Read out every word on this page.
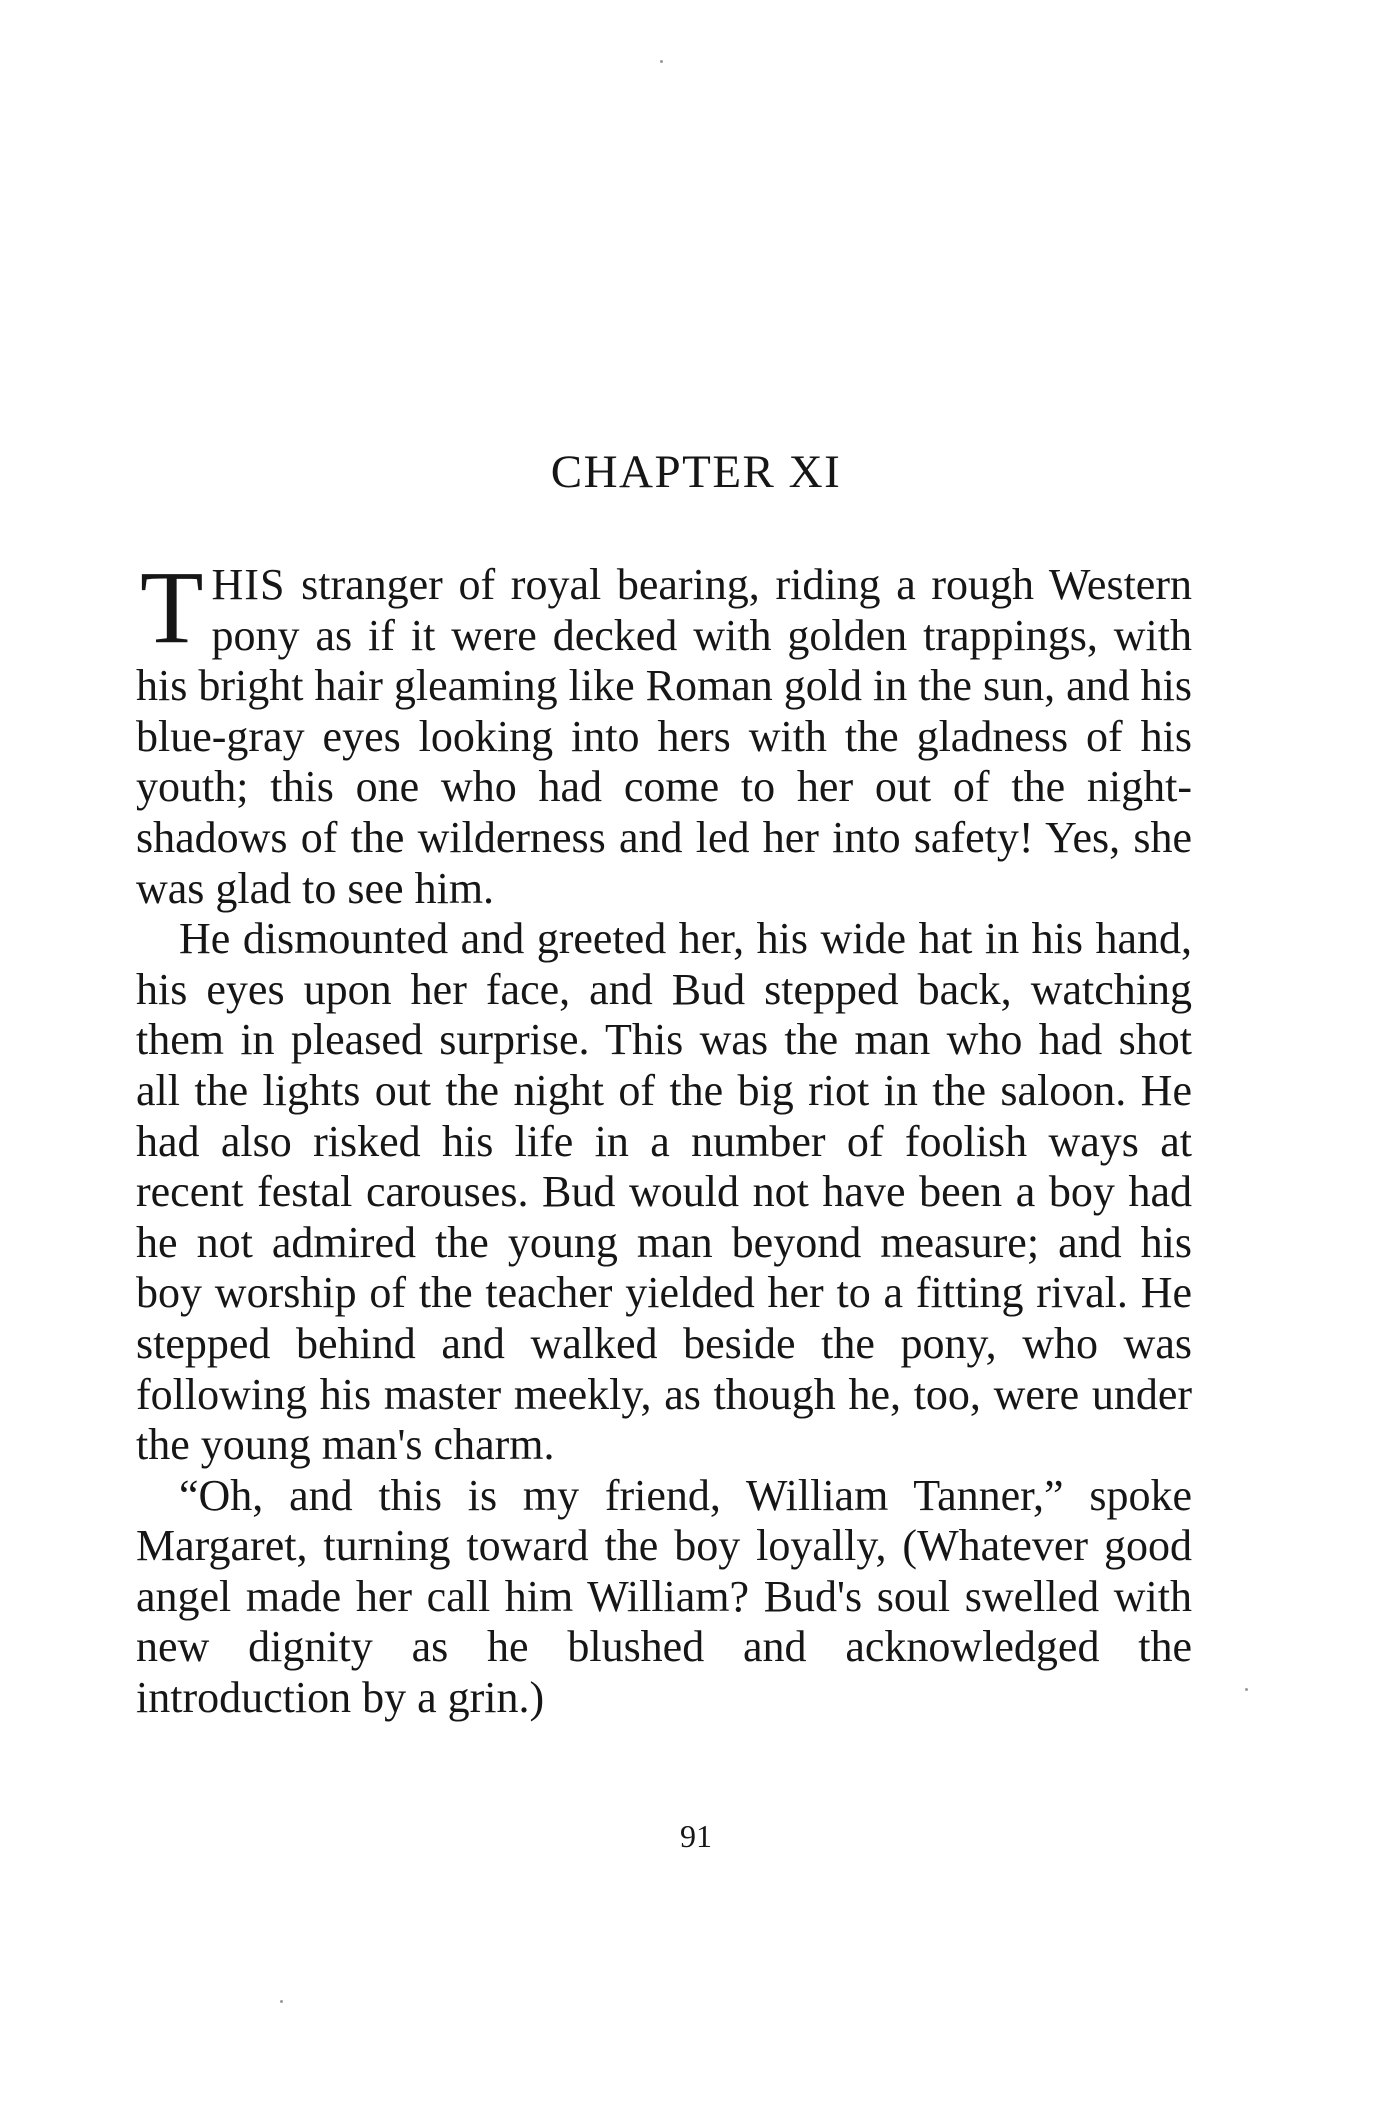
CHAPTER XI

THIS stranger of royal bearing, riding a rough Western pony as if it were decked with golden trappings, with his bright hair gleaming like Roman gold in the sun, and his blue-gray eyes looking into hers with the gladness of his youth; this one who had come to her out of the night-shadows of the wilderness and led her into safety! Yes, she was glad to see him.

He dismounted and greeted her, his wide hat in his hand, his eyes upon her face, and Bud stepped back, watching them in pleased surprise. This was the man who had shot all the lights out the night of the big riot in the saloon. He had also risked his life in a number of foolish ways at recent festal carouses. Bud would not have been a boy had he not admired the young man beyond measure; and his boy worship of the teacher yielded her to a fitting rival. He stepped behind and walked beside the pony, who was following his master meekly, as though he, too, were under the young man's charm.

“Oh, and this is my friend, William Tanner,” spoke Margaret, turning toward the boy loyally, (Whatever good angel made her call him William? Bud's soul swelled with new dignity as he blushed and acknowledged the introduction by a grin.)

91
